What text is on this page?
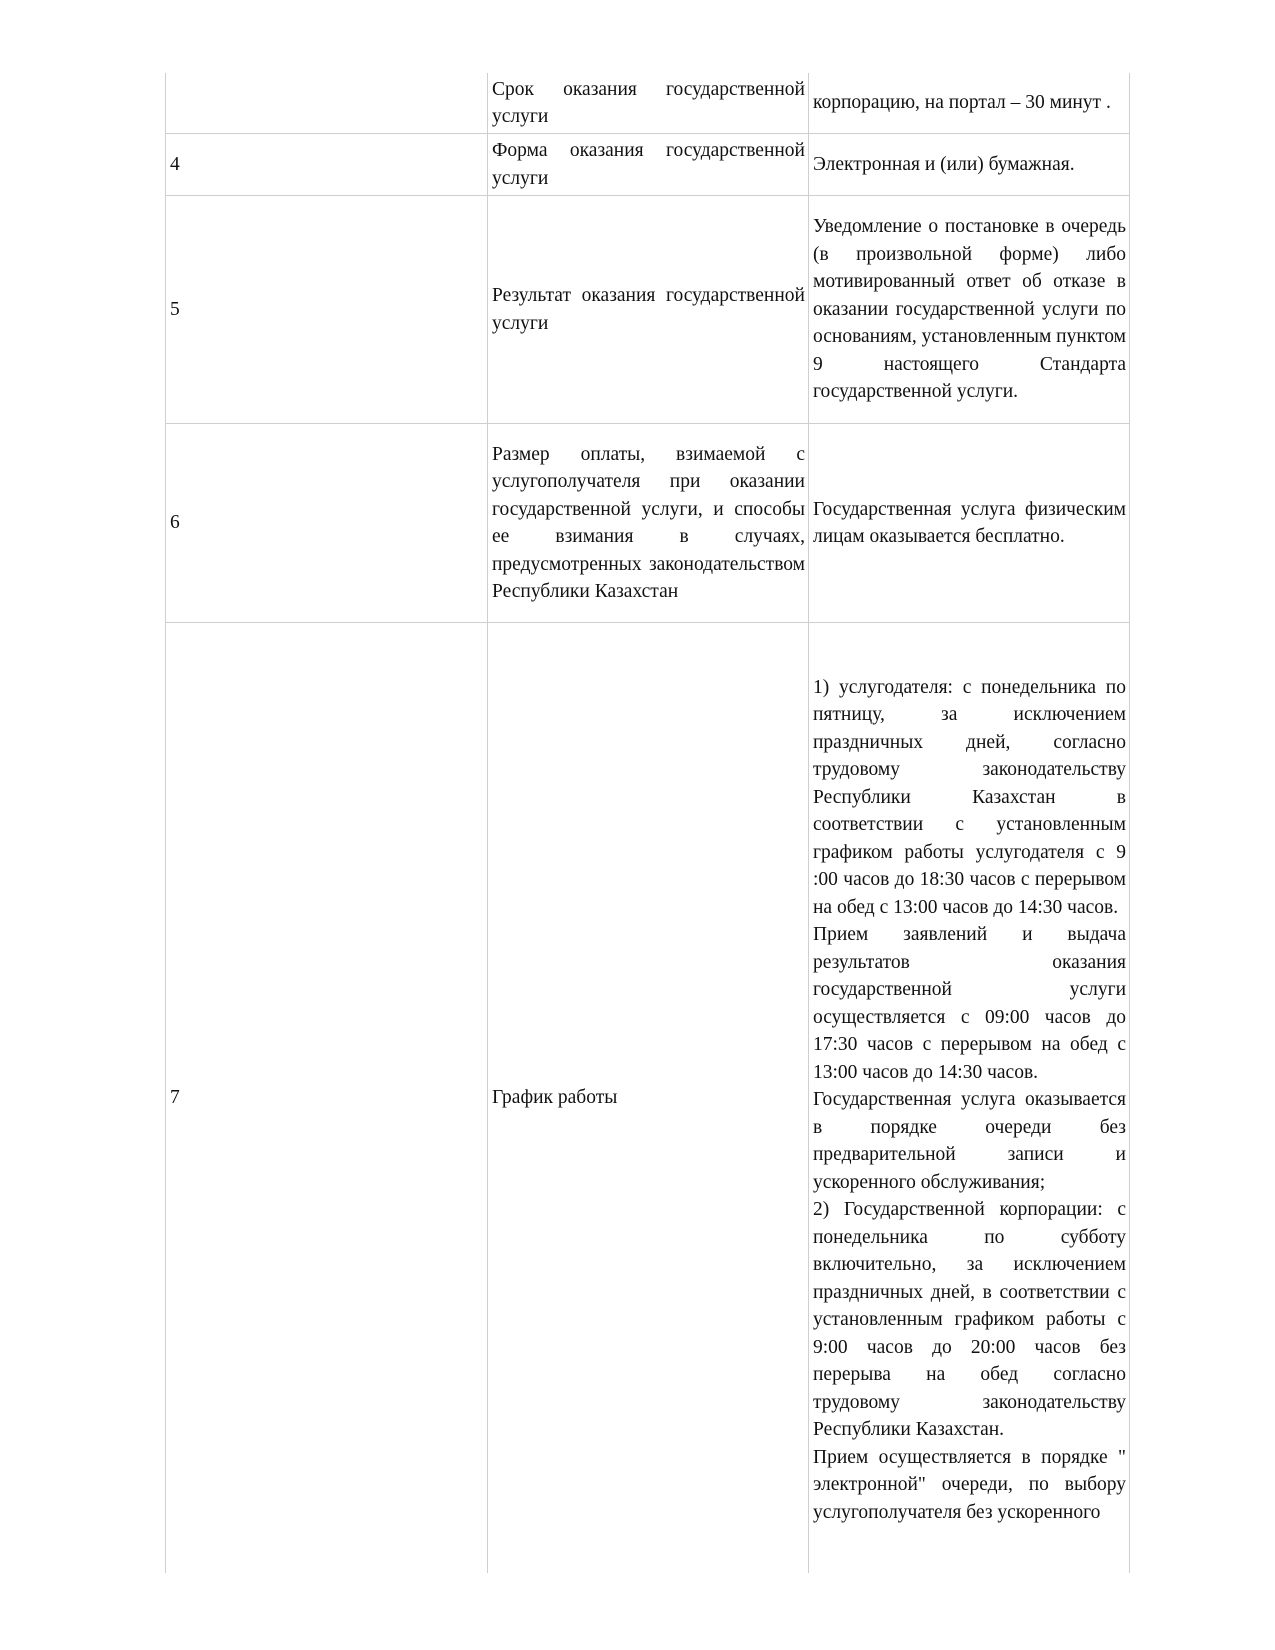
	Срок оказания государственной услуги	корпорацию, на портал – 30 минут .

4	Форма оказания государственной услуги	Электронная и (или) бумажная.

5	Результат оказания государственной услуги	Уведомление о постановке в очередь (в произвольной форме) либо мотивированный ответ об отказе в оказании государственной услуги по основаниям, установленным пунктом 9 настоящего Стандарта государственной услуги.

6	Размер оплаты, взимаемой с услугополучателя при оказании государственной услуги, и способы ее взимания в случаях, предусмотренных законодательством Республики Казахстан	Государственная услуга физическим лицам оказывается бесплатно.

7	График работы	1) услугодателя: с понедельника по пятницу, за исключением праздничных дней, согласно трудовому законодательству Республики Казахстан в соответствии с установленным графиком работы услугодателя с 9 :00 часов до 18:30 часов с перерывом на обед с 13:00 часов до 14:30 часов.
Прием заявлений и выдача результатов оказания государственной услуги осуществляется с 09:00 часов до 17:30 часов с перерывом на обед с 13:00 часов до 14:30 часов.
Государственная услуга оказывается в порядке очереди без предварительной записи и ускоренного обслуживания;
2) Государственной корпорации: с понедельника по субботу включительно, за исключением праздничных дней, в соответствии с установленным графиком работы с 9:00 часов до 20:00 часов без перерыва на обед согласно трудовому законодательству Республики Казахстан.
Прием осуществляется в порядке " электронной" очереди, по выбору услугополучателя без ускоренного
